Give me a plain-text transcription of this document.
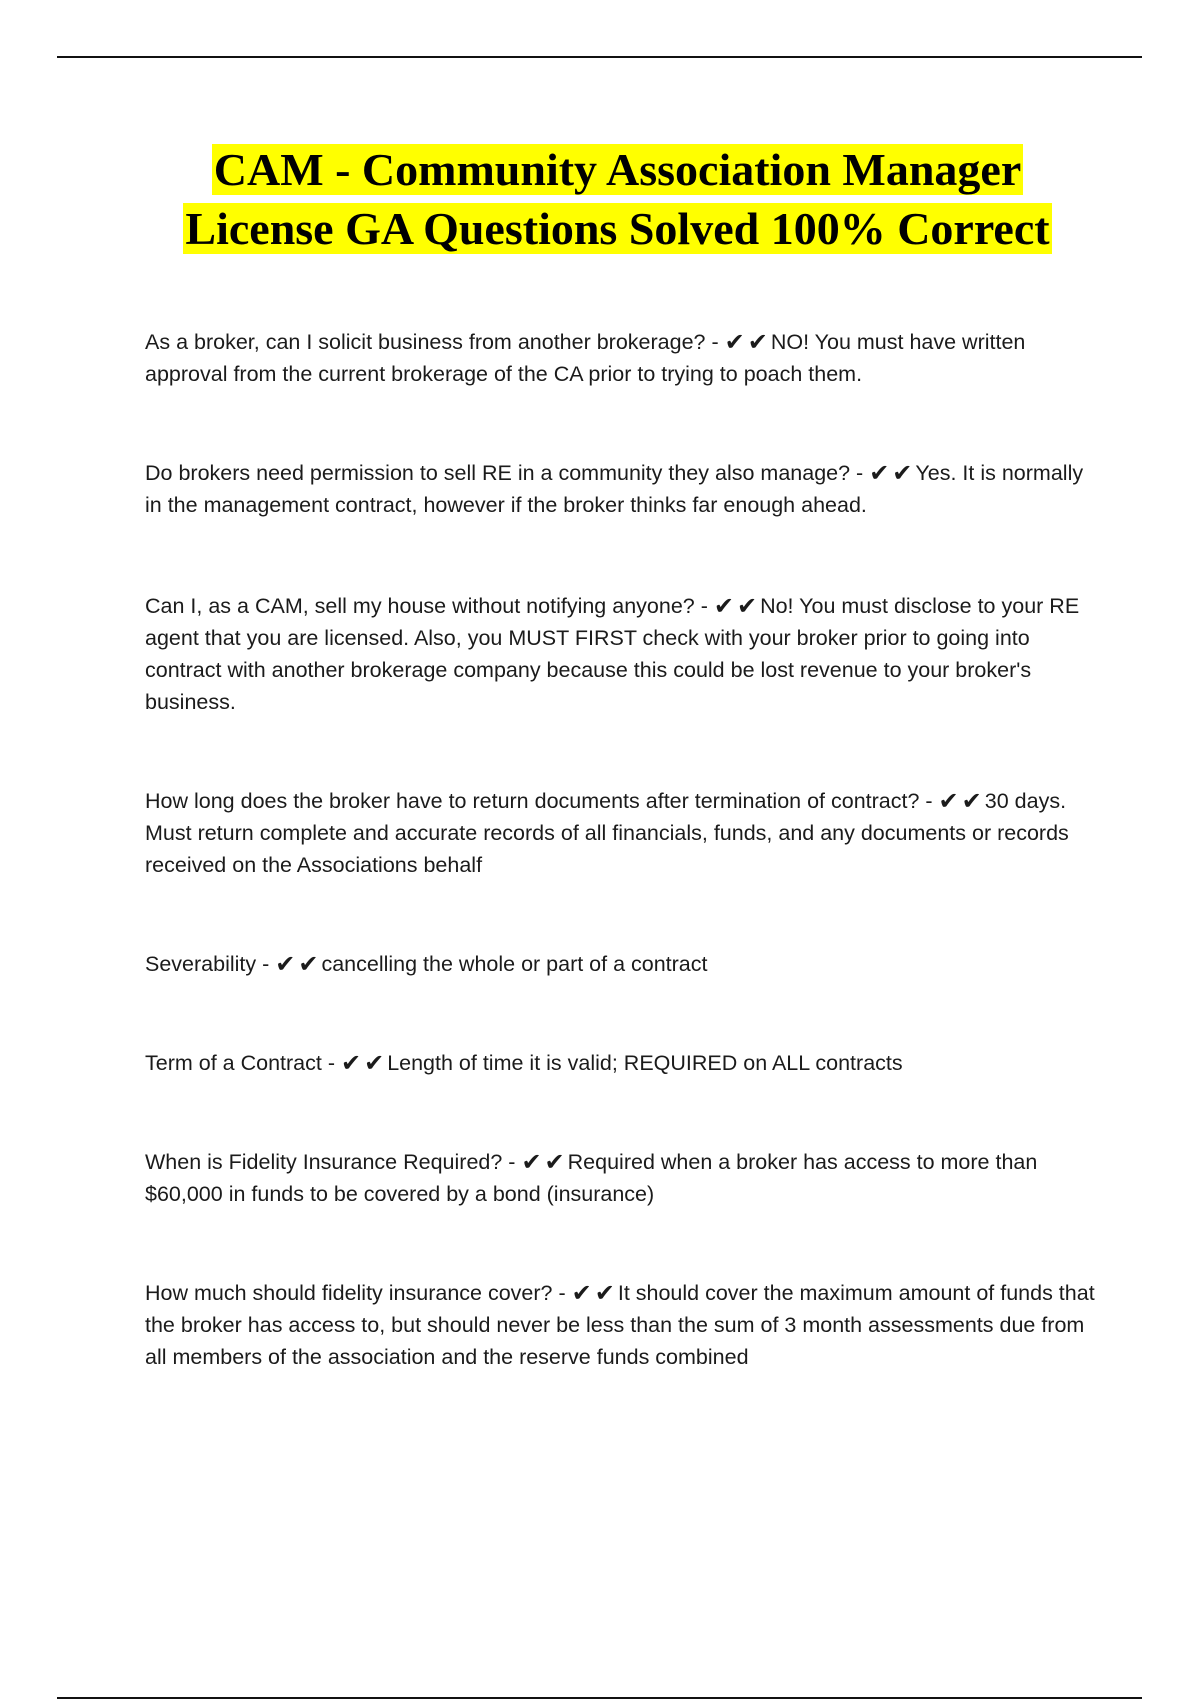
CAM - Community Association Manager
License GA Questions Solved 100% Correct
As a broker, can I solicit business from another brokerage? - ✔ ✔ NO! You must have written approval from the current brokerage of the CA prior to trying to poach them.
Do brokers need permission to sell RE in a community they also manage? - ✔ ✔ Yes. It is normally in the management contract, however if the broker thinks far enough ahead.
Can I, as a CAM, sell my house without notifying anyone? - ✔ ✔ No! You must disclose to your RE agent that you are licensed. Also, you MUST FIRST check with your broker prior to going into contract with another brokerage company because this could be lost revenue to your broker's business.
How long does the broker have to return documents after termination of contract? - ✔ ✔ 30 days. Must return complete and accurate records of all financials, funds, and any documents or records received on the Associations behalf
Severability - ✔ ✔ cancelling the whole or part of a contract
Term of a Contract - ✔ ✔ Length of time it is valid; REQUIRED on ALL contracts
When is Fidelity Insurance Required? - ✔ ✔ Required when a broker has access to more than $60,000 in funds to be covered by a bond (insurance)
How much should fidelity insurance cover? - ✔ ✔ It should cover the maximum amount of funds that the broker has access to, but should never be less than the sum of 3 month assessments due from all members of the association and the reserve funds combined
